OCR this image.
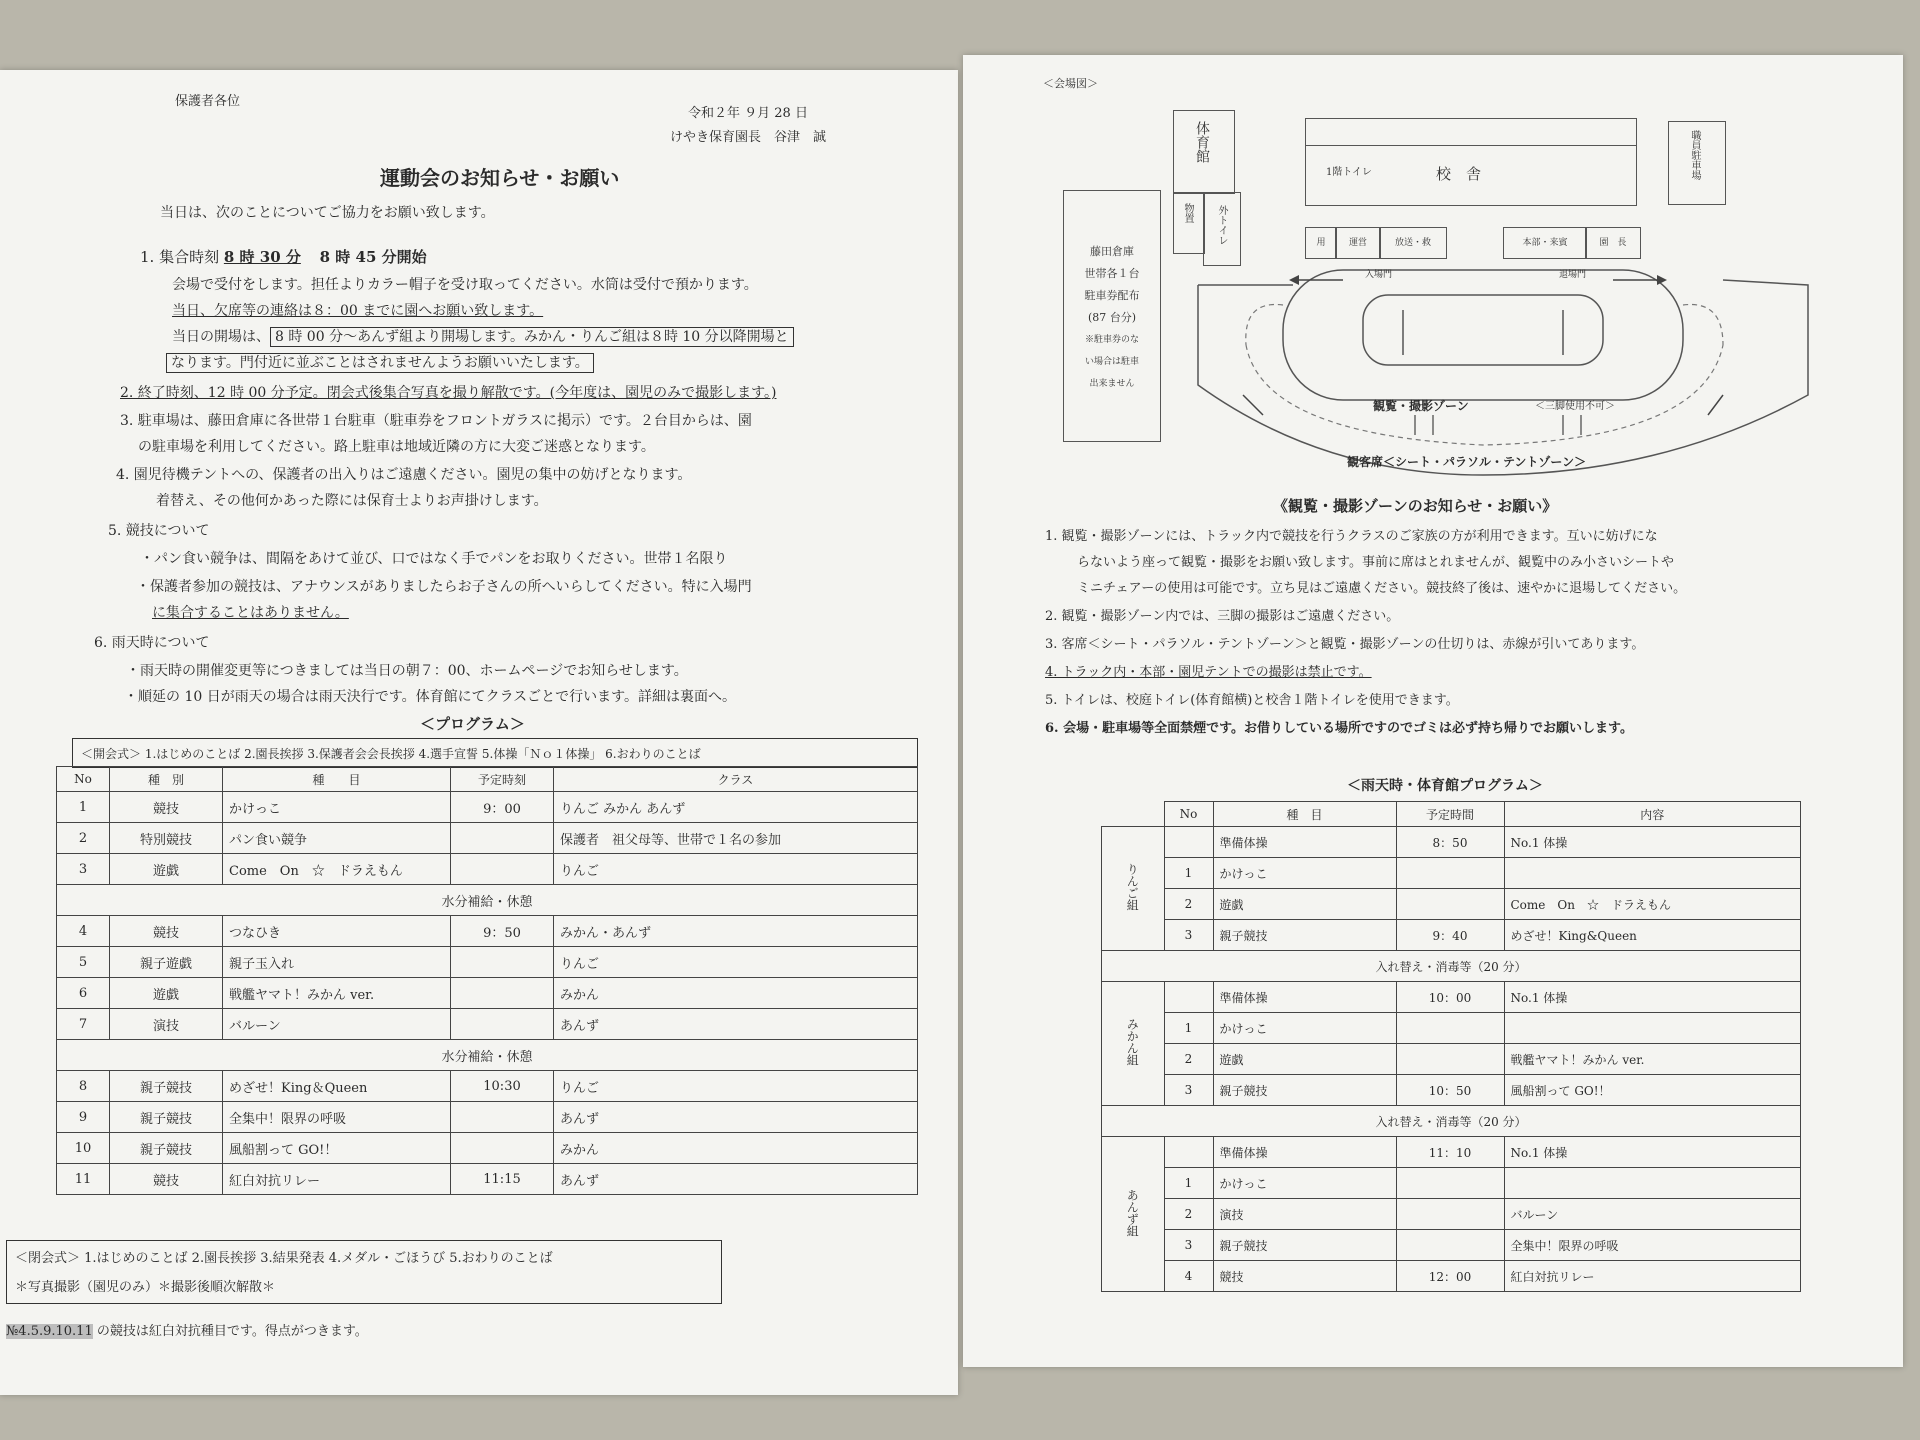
保護者各位
令和２年 ９月 28 日
けやき保育園長　谷津　誠
運動会のお知らせ・お願い
当日は、次のことについてご協力をお願い致します。
1. 集合時刻 8 時 30 分 8 時 45 分開始
会場で受付をします。担任よりカラー帽子を受け取ってください。水筒は受付で預かります。
当日、欠席等の連絡は８：00 までに園へお願い致します。
当日の開場は、 8 時 00 分～あんず組より開場します。みかん・りんご組は８時 10 分以降開場と
なります。門付近に並ぶことはされませんようお願いいたします。
2. 終了時刻、12 時 00 分予定。閉会式後集合写真を撮り解散です。(今年度は、園児のみで撮影します。)
3. 駐車場は、藤田倉庫に各世帯１台駐車（駐車券をフロントガラスに掲示）です。２台目からは、園
の駐車場を利用してください。路上駐車は地域近隣の方に大変ご迷惑となります。
4. 園児待機テントへの、保護者の出入りはご遠慮ください。園児の集中の妨げとなります。
着替え、その他何かあった際には保育士よりお声掛けします。
5. 競技について
・パン食い競争は、間隔をあけて並び、口ではなく手でパンをお取りください。世帯１名限り
・保護者参加の競技は、アナウンスがありましたらお子さんの所へいらしてください。特に入場門
に集合することはありません。
6. 雨天時について
・雨天時の開催変更等につきましては当日の朝７：00、ホームページでお知らせします。
・順延の 10 日が雨天の場合は雨天決行です。体育館にてクラスごとで行います。詳細は裏面へ。
＜プログラム＞
＜開会式＞ 1.はじめのことば 2.園長挨拶 3.保護者会会長挨拶 4.選手宣誓 5.体操「Ｎｏ１体操」 6.おわりのことば
No	種　別	種　　目	予定時刻	クラス
1	競技	かけっこ	9：00	りんご みかん あんず
2	特別競技	パン食い競争		保護者　祖父母等、世帯で１名の参加
3	遊戯	Come　On　☆　ドラえもん		りんご
水分補給・休憩				
4	競技	つなひき	9：50	みかん・あんず
5	親子遊戯	親子玉入れ		りんご
6	遊戯	戦艦ヤマト！みかん ver.		みかん
7	演技	バルーン		あんず
水分補給・休憩				
8	親子競技	めざせ！King＆Queen	10:30	りんご
9	親子競技	全集中！限界の呼吸		あんず
10	親子競技	風船割って GO!！		みかん
11	競技	紅白対抗リレー	11:15	あんず
＜閉会式＞ 1.はじめのことば 2.園長挨拶 3.結果発表 4.メダル・ごほうび 5.おわりのことば
＊写真撮影（園児のみ）＊撮影後順次解散＊
№4.5.9.10.11 の競技は紅白対抗種目です。得点がつきます。
＜会場図＞
体育館
物置 外トイレ
1階トイレ	校　舎	職員駐車場
藤田倉庫
世帯各１台
駐車券配布
(87 台分)
※駐車券のな
い場合は駐車
出来ません
用	運営	放送・救	本部・来賓	園　長
入場門	退場門
観覧・撮影ゾーン	＜三脚使用不可＞
観客席＜シート・パラソル・テントゾーン＞
《観覧・撮影ゾーンのお知らせ・お願い》
1. 観覧・撮影ゾーンには、トラック内で競技を行うクラスのご家族の方が利用できます。互いに妨げにな
らないよう座って観覧・撮影をお願い致します。事前に席はとれませんが、観覧中のみ小さいシートや
ミニチェアーの使用は可能です。立ち見はご遠慮ください。競技終了後は、速やかに退場してください。
2. 観覧・撮影ゾーン内では、三脚の撮影はご遠慮ください。
3. 客席＜シート・パラソル・テントゾーン＞と観覧・撮影ゾーンの仕切りは、赤線が引いてあります。
4. トラック内・本部・園児テントでの撮影は禁止です。
5. トイレは、校庭トイレ(体育館横)と校舎１階トイレを使用できます。
6. 会場・駐車場等全面禁煙です。お借りしている場所ですのでゴミは必ず持ち帰りでお願いします。
＜雨天時・体育館プログラム＞
	No	種　目	予定時間	内容
りんご組		準備体操	8：50	No.1 体操
	1	かけっこ		
	2	遊戯		Come　On　☆　ドラえもん
	3	親子競技	9：40	めざせ！King&Queen
入れ替え・消毒等（20 分）				
みかん組		準備体操	10：00	No.1 体操
	1	かけっこ		
	2	遊戯		戦艦ヤマト！みかん ver.
	3	親子競技	10：50	風船割って GO!！
入れ替え・消毒等（20 分）				
あんず組		準備体操	11：10	No.1 体操
	1	かけっこ		
	2	演技		バルーン
	3	親子競技		全集中！限界の呼吸
	4	競技	12：00	紅白対抗リレー
